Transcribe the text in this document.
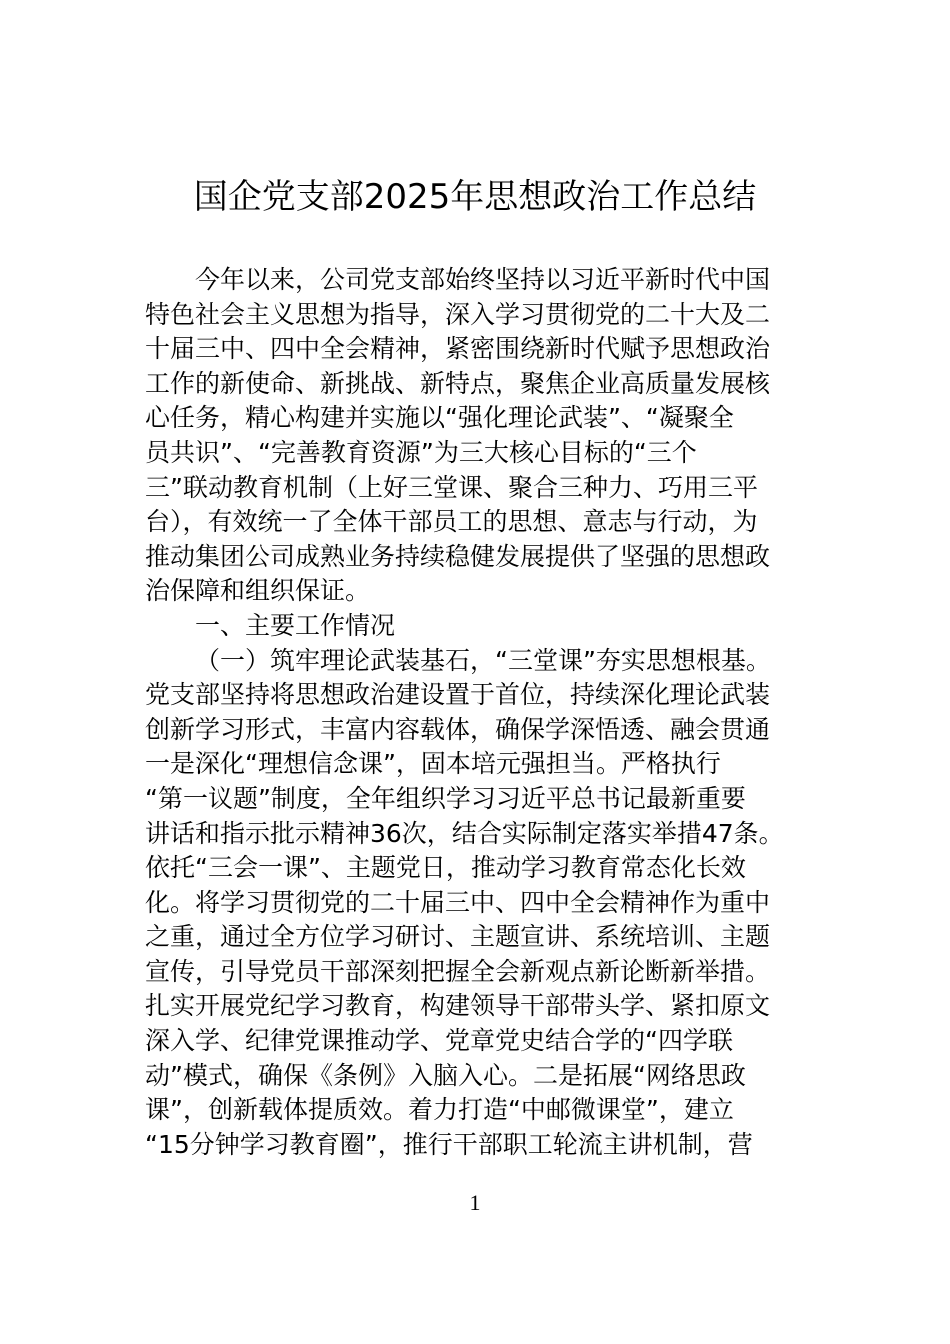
国企党支部2025年思想政治工作总结
今年以来，公司党支部始终坚持以习近平新时代中国
特色社会主义思想为指导，深入学习贯彻党的二十大及二
十届三中、四中全会精神，紧密围绕新时代赋予思想政治
工作的新使命、新挑战、新特点，聚焦企业高质量发展核
心任务，精心构建并实施以“强化理论武装”、“凝聚全
员共识”、“完善教育资源”为三大核心目标的“三个
三”联动教育机制（上好三堂课、聚合三种力、巧用三平
台），有效统一了全体干部员工的思想、意志与行动，为
推动集团公司成熟业务持续稳健发展提供了坚强的思想政
治保障和组织保证。
一、主要工作情况
（一）筑牢理论武装基石，“三堂课”夯实思想根基。
党支部坚持将思想政治建设置于首位，持续深化理论武装
创新学习形式，丰富内容载体，确保学深悟透、融会贯通
一是深化“理想信念课”，固本培元强担当。严格执行
“第一议题”制度，全年组织学习习近平总书记最新重要
讲话和指示批示精神36次，结合实际制定落实举措47条。
依托“三会一课”、主题党日，推动学习教育常态化长效
化。将学习贯彻党的二十届三中、四中全会精神作为重中
之重，通过全方位学习研讨、主题宣讲、系统培训、主题
宣传，引导党员干部深刻把握全会新观点新论断新举措。
扎实开展党纪学习教育，构建领导干部带头学、紧扣原文
深入学、纪律党课推动学、党章党史结合学的“四学联
动”模式，确保《条例》入脑入心。二是拓展“网络思政
课”，创新载体提质效。着力打造“中邮微课堂”，建立
“15分钟学习教育圈”，推行干部职工轮流主讲机制，营
1
